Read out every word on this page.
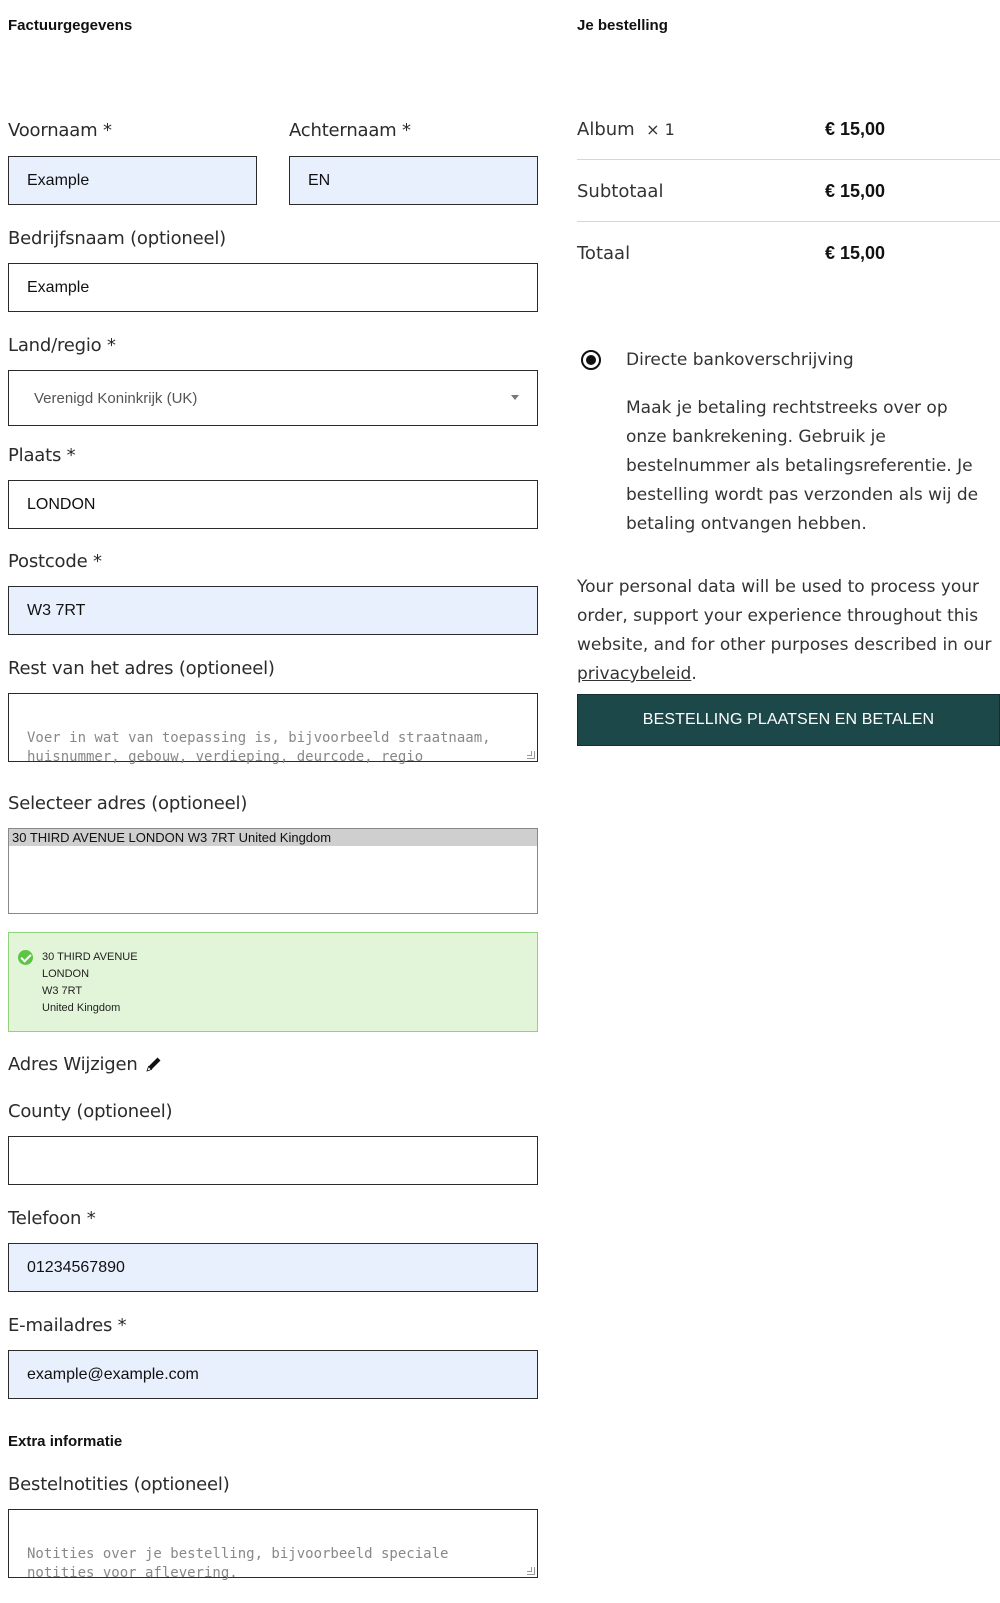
Factuurgegevens
Voornaam *
Example
Achternaam *
EN
Bedrijfsnaam (optioneel)
Example
Land/regio *
Verenigd Koninkrijk (UK)
Plaats *
LONDON
Postcode *
W3 7RT
Rest van het adres (optioneel)

Voer in wat van toepassing is, bijvoorbeeld straatnaam,
huisnummer, gebouw, verdieping, deurcode, regio

Selecteer adres (optioneel)
30 THIRD AVENUE LONDON W3 7RT United Kingdom
30 THIRD AVENUE
LONDON
W3 7RT
United Kingdom
Adres Wijzigen
County (optioneel)
Telefoon *
01234567890
E-mailadres *
example@example.com
Extra informatie
Bestelnotities (optioneel)

Notities over je bestelling, bijvoorbeeld speciale
notities voor aflevering.

Je bestelling
Album × 1	€ 15,00
Subtotaal	€ 15,00
Totaal	€ 15,00
Directe bankoverschrijving
Maak je betaling rechtstreeks over op onze bankrekening. Gebruik je bestelnummer als betalingsreferentie. Je bestelling wordt pas verzonden als wij de betaling ontvangen hebben.
Your personal data will be used to process your order, support your experience throughout this website, and for other purposes described in our privacybeleid.
BESTELLING PLAATSEN EN BETALEN
